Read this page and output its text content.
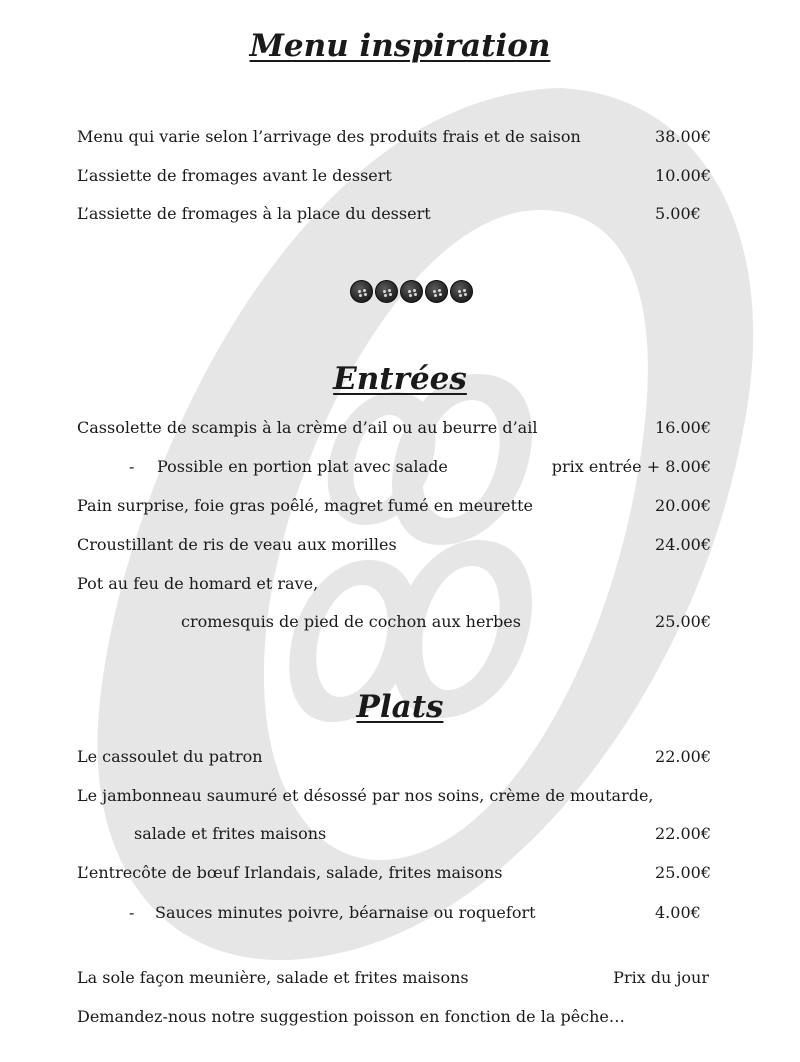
Menu inspiration
Menu qui varie selon l’arrivage des produits frais et de saison	38.00€
L’assiette de fromages avant le dessert	10.00€
L’assiette de fromages à la place du dessert	5.00€
Entrées
Cassolette de scampis à la crème d’ail ou au beurre d’ail	16.00€
- Possible en portion plat avec salade	prix entrée + 8.00€
Pain surprise, foie gras poêlé, magret fumé en meurette	20.00€
Croustillant de ris de veau aux morilles	24.00€
Pot au feu de homard et rave,
cromesquis de pied de cochon aux herbes	25.00€
Plats
Le cassoulet du patron	22.00€
Le jambonneau saumuré et désossé par nos soins, crème de moutarde,
salade et frites maisons	22.00€
L’entrecôte de bœuf Irlandais, salade, frites maisons	25.00€
- Sauces minutes poivre, béarnaise ou roquefort	4.00€
La sole façon meunière, salade et frites maisons	Prix du jour
Demandez-nous notre suggestion poisson en fonction de la pêche…
